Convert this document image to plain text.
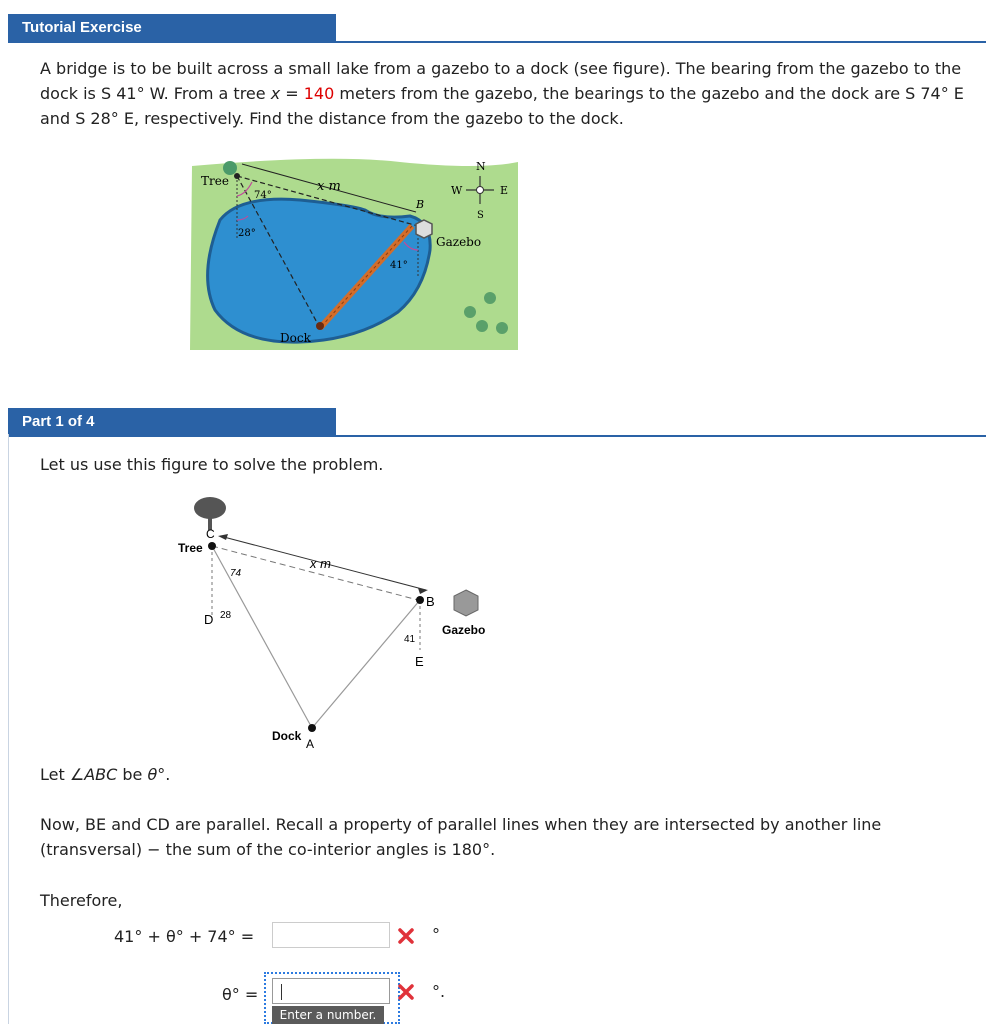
Tutorial Exercise

A bridge is to be built across a small lake from a gazebo to a dock (see figure). The bearing from the gazebo to the dock is S 41° W. From a tree x = 140 meters from the gazebo, the bearings to the gazebo and the dock are S 74° E and S 28° E, respectively. Find the distance from the gazebo to the dock.

N
S
E
W
Tree
74°
28°
x m
B
Gazebo
41°
Dock
Part 1 of 4

Let us use this figure to solve the problem.

C
Tree
74
D 28
x m
B
Gazebo
41
E
Dock
A

Let ∠ABC be θ°.

Now, BE and CD are parallel. Recall a property of parallel lines when they are intersected by another line (transversal) − the sum of the co-interior angles is 180°.

Therefore,

41° + θ° + 74° =	°
θ° =	°.
Enter a number.
